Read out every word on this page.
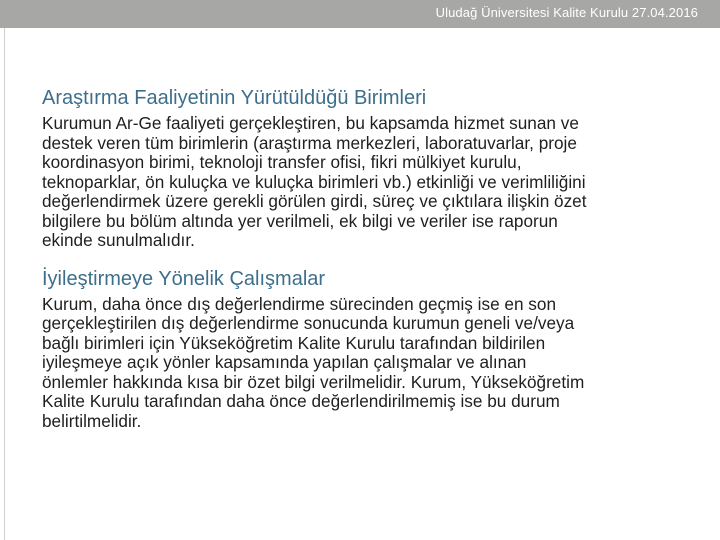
Uludağ Üniversitesi Kalite Kurulu 27.04.2016
Araştırma Faaliyetinin Yürütüldüğü Birimleri

Kurumun Ar-Ge faaliyeti gerçekleştiren, bu kapsamda hizmet sunan ve
destek veren tüm birimlerin (araştırma merkezleri, laboratuvarlar, proje
koordinasyon birimi, teknoloji transfer ofisi, fikri mülkiyet kurulu,
teknoparklar, ön kuluçka ve kuluçka birimleri vb.) etkinliği ve verimliliğini
değerlendirmek üzere gerekli görülen girdi, süreç ve çıktılara ilişkin özet
bilgilere bu bölüm altında yer verilmeli, ek bilgi ve veriler ise raporun
ekinde sunulmalıdır.

İyileştirmeye Yönelik Çalışmalar

Kurum, daha önce dış değerlendirme sürecinden geçmiş ise en son
gerçekleştirilen dış değerlendirme sonucunda kurumun geneli ve/veya
bağlı birimleri için Yükseköğretim Kalite Kurulu tarafından bildirilen
iyileşmeye açık yönler kapsamında yapılan çalışmalar ve alınan
önlemler hakkında kısa bir özet bilgi verilmelidir. Kurum, Yükseköğretim
Kalite Kurulu tarafından daha önce değerlendirilmemiş ise bu durum
belirtilmelidir.
